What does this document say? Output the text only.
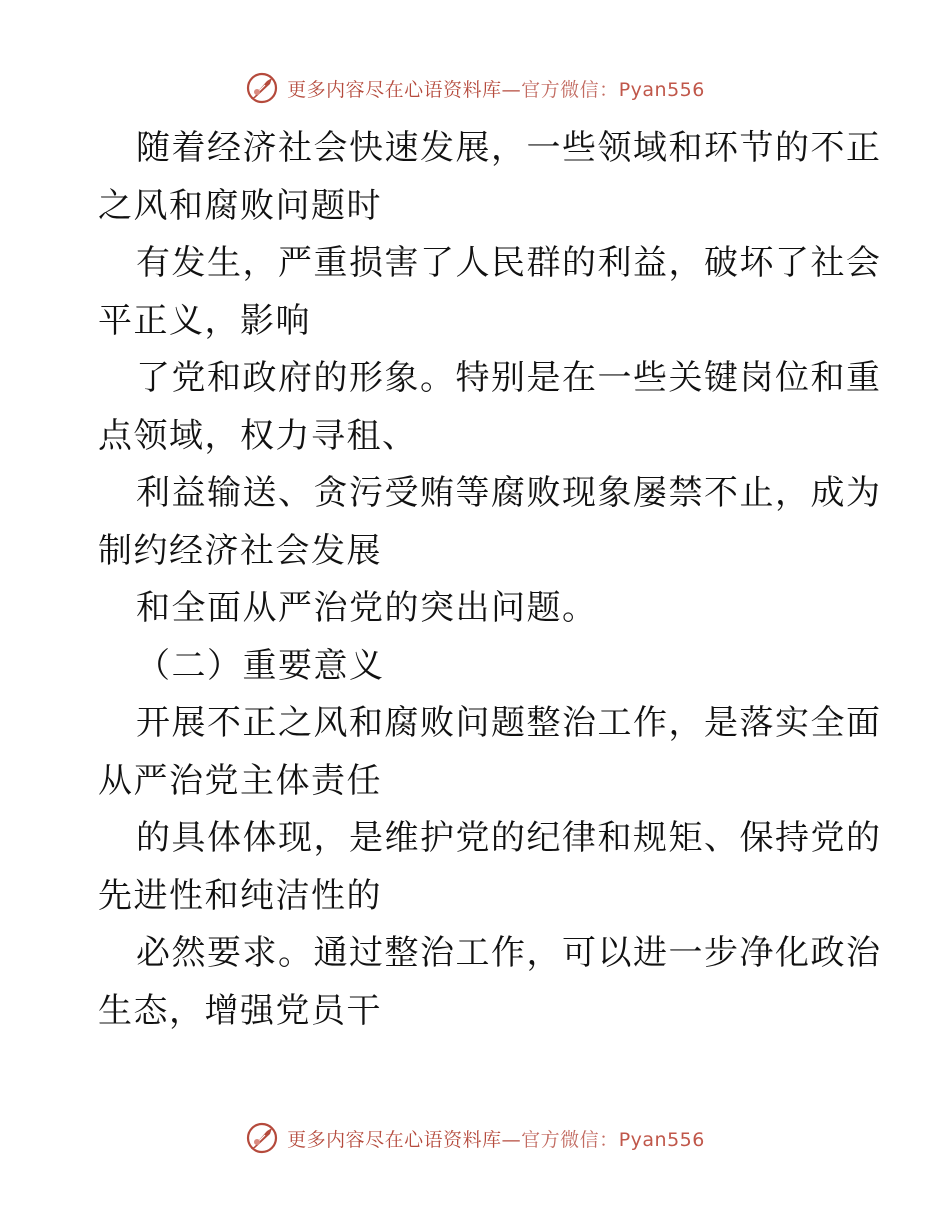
更多内容尽在心语资料库—官方微信：Pyan556
随着经济社会快速发展，一些领域和环节的不正
之风和腐败问题时
有发生，严重损害了人民群的利益，破坏了社会
平正义，影响
了党和政府的形象。特别是在一些关键岗位和重
点领域，权力寻租、
利益输送、贪污受贿等腐败现象屡禁不止，成为
制约经济社会发展
和全面从严治党的突出问题。
（二）重要意义
开展不正之风和腐败问题整治工作，是落实全面
从严治党主体责任
的具体体现，是维护党的纪律和规矩、保持党的
先进性和纯洁性的
必然要求。通过整治工作，可以进一步净化政治
生态，增强党员干
更多内容尽在心语资料库—官方微信：Pyan556
